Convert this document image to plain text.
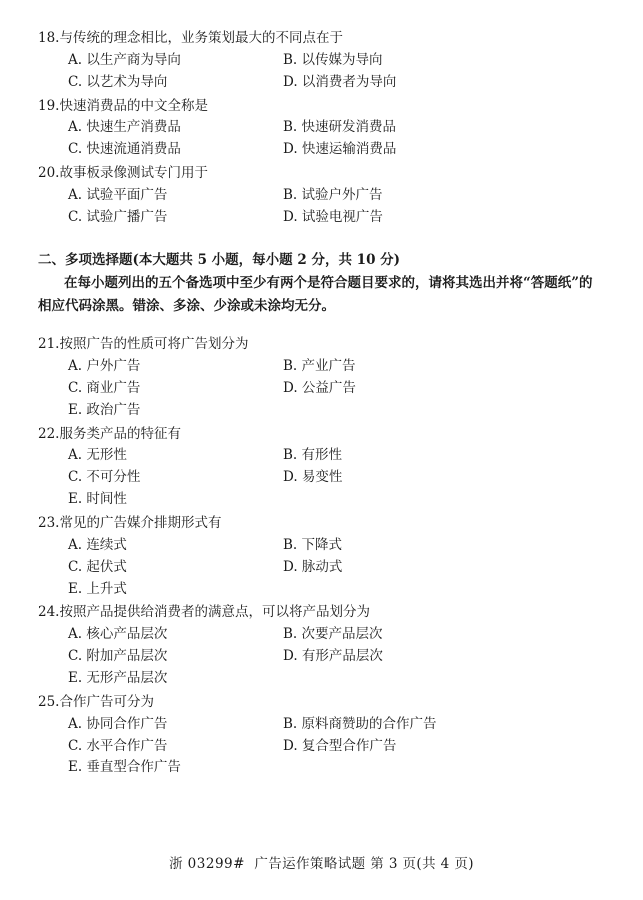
18.与传统的理念相比，业务策划最大的不同点在于
A. 以生产商为导向	B. 以传媒为导向
C. 以艺术为导向	D. 以消费者为导向
19.快速消费品的中文全称是
A. 快速生产消费品	B. 快速研发消费品
C. 快速流通消费品	D. 快速运输消费品
20.故事板录像测试专门用于
A. 试验平面广告	B. 试验户外广告
C. 试验广播广告	D. 试验电视广告
二、多项选择题(本大题共 5 小题，每小题 2 分，共 10 分)
在每小题列出的五个备选项中至少有两个是符合题目要求的，请将其选出并将“答题纸”的相应代码涂黑。错涂、多涂、少涂或未涂均无分。
21.按照广告的性质可将广告划分为
A. 户外广告	B. 产业广告
C. 商业广告	D. 公益广告
E. 政治广告
22.服务类产品的特征有
A. 无形性	B. 有形性
C. 不可分性	D. 易变性
E. 时间性
23.常见的广告媒介排期形式有
A. 连续式	B. 下降式
C. 起伏式	D. 脉动式
E. 上升式
24.按照产品提供给消费者的满意点，可以将产品划分为
A. 核心产品层次	B. 次要产品层次
C. 附加产品层次	D. 有形产品层次
E. 无形产品层次
25.合作广告可分为
A. 协同合作广告	B. 原料商赞助的合作广告
C. 水平合作广告	D. 复合型合作广告
E. 垂直型合作广告
浙 03299# 广告运作策略试题 第 3 页(共 4 页)
